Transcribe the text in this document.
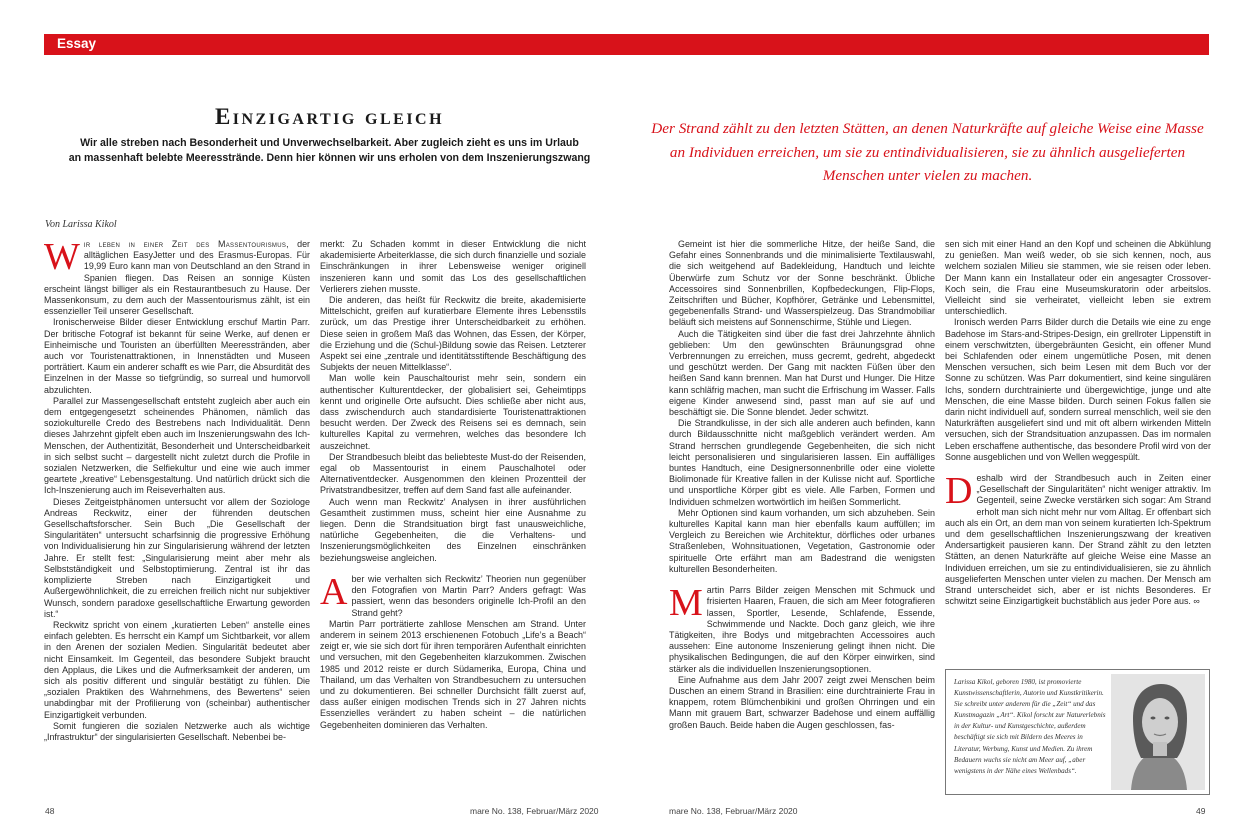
Essay
Einzigartig gleich
Wir alle streben nach Besonderheit und Unverwechselbarkeit. Aber zugleich zieht es uns im Urlaub
an massenhaft belebte Meeresstrände. Denn hier können wir uns erholen von dem Inszenierungszwang
Der Strand zählt zu den letzten Stätten, an denen Naturkräfte auf gleiche Weise eine Masse an Individuen erreichen, um sie zu entindividualisieren, sie zu ähnlich ausgelieferten Menschen unter vielen zu machen.
Von Larissa Kikol

Wir leben in einer Zeit des Massentourismus, der alltäglichen EasyJetter und des Erasmus-Europas. Für 19,99 Euro kann man von Deutschland an den Strand in Spanien fliegen. Das Reisen an sonnige Küsten erscheint längst billiger als ein Restaurantbesuch zu Hause. Der Massenkonsum, zu dem auch der Massentourismus zählt, ist ein essenzieller Teil unserer Gesellschaft.

Ironischerweise Bilder dieser Entwicklung erschuf Martin Parr. Der britische Fotograf ist bekannt für seine Werke, auf denen er Einheimische und Touristen an überfüllten Meeresstränden, aber auch vor Touristenattraktionen, in Innenstädten und Museen porträtiert. Kaum ein anderer schafft es wie Parr, die Absurdität des Einzelnen in der Masse so tiefgründig, so surreal und humorvoll abzulichten.

Parallel zur Massengesellschaft entsteht zugleich aber auch ein dem entgegengesetzt scheinendes Phänomen, nämlich das soziokulturelle Credo des Bestrebens nach Individualität. Denn dieses Jahrzehnt gipfelt eben auch im Inszenierungswahn des Ich-Menschen, der Authentizität, Besonderheit und Unterscheidbarkeit in sich selbst sucht – dargestellt nicht zuletzt durch die Profile in sozialen Netzwerken, die Selfiekultur und eine wie auch immer geartete „kreative“ Lebensgestaltung. Und natürlich drückt sich die Ich-Inszenierung auch im Reiseverhalten aus.

Dieses Zeitgeistphänomen untersucht vor allem der Soziologe Andreas Reckwitz, einer der führenden deutschen Gesellschaftsforscher. Sein Buch „Die Gesellschaft der Singularitäten“ untersucht scharfsinnig die progressive Erhöhung von Individualisierung hin zur Singularisierung während der letzten Jahre. Er stellt fest: „Singularisierung meint aber mehr als Selbstständigkeit und Selbstoptimierung. Zentral ist ihr das komplizierte Streben nach Einzigartigkeit und Außergewöhnlichkeit, die zu erreichen freilich nicht nur subjektiver Wunsch, sondern paradoxe gesellschaftliche Erwartung geworden ist.“

Reckwitz spricht von einem „kuratierten Leben“ anstelle eines einfach gelebten. Es herrscht ein Kampf um Sichtbarkeit, vor allem in den Arenen der sozialen Medien. Singularität bedeutet aber nicht Einsamkeit. Im Gegenteil, das besondere Subjekt braucht den Applaus, die Likes und die Aufmerksamkeit der anderen, um sich als positiv different und singulär bestätigt zu fühlen. Die „sozialen Praktiken des Wahrnehmens, des Bewertens“ seien unabdingbar mit der Profilierung von (scheinbar) authentischer Einzigartigkeit verbunden.

Somit fungieren die sozialen Netzwerke auch als wichtige „Infrastruktur“ der singularisierten Gesellschaft. Nebenbei be-

merkt: Zu Schaden kommt in dieser Entwicklung die nicht akademisierte Arbeiterklasse, die sich durch finanzielle und soziale Einschränkungen in ihrer Lebensweise weniger originell inszenieren kann und somit das Los des gesellschaftlichen Verlierers ziehen musste.

Die anderen, das heißt für Reckwitz die breite, akademisierte Mittelschicht, greifen auf kuratierbare Elemente ihres Lebensstils zurück, um das Prestige ihrer Unterscheidbarkeit zu erhöhen. Diese seien in großem Maß das Wohnen, das Essen, der Körper, die Erziehung und die (Schul-)Bildung sowie das Reisen. Letzterer Aspekt sei eine „zentrale und identitätsstiftende Beschäftigung des Subjekts der neuen Mittelklasse“.

Man wolle kein Pauschaltourist mehr sein, sondern ein authentischer Kulturentdecker, der globalisiert sei, Geheimtipps kennt und originelle Orte aufsucht. Dies schließe aber nicht aus, dass zwischendurch auch standardisierte Touristenattraktionen besucht werden. Der Zweck des Reisens sei es demnach, sein kulturelles Kapital zu vermehren, welches das besondere Ich auszeichnet.

Der Strandbesuch bleibt das beliebteste Must-do der Reisenden, egal ob Massentourist in einem Pauschalhotel oder Alternativentdecker. Ausgenommen den kleinen Prozentteil der Privatstrandbesitzer, treffen auf dem Sand fast alle aufeinander.

Auch wenn man Reckwitz’ Analysen in ihrer ausführlichen Gesamtheit zustimmen muss, scheint hier eine Ausnahme zu liegen. Denn die Strandsituation birgt fast unausweichliche, natürliche Gegebenheiten, die die Verhaltens- und Inszenierungsmöglichkeiten des Einzelnen einschränken beziehungsweise angleichen.

Aber wie verhalten sich Reckwitz’ Theorien nun gegenüber den Fotografien von Martin Parr? Anders gefragt: Was passiert, wenn das besonders originelle Ich-Profil an den Strand geht?

Martin Parr porträtierte zahllose Menschen am Strand. Unter anderem in seinem 2013 erschienenen Fotobuch „Life’s a Beach“ zeigt er, wie sie sich dort für ihren temporären Aufenthalt einrichten und versuchen, mit den Gegebenheiten klarzukommen. Zwischen 1985 und 2012 reiste er durch Südamerika, Europa, China und Thailand, um das Verhalten von Strandbesuchern zu untersuchen und zu dokumentieren. Bei schneller Durchsicht fällt zuerst auf, dass außer einigen modischen Trends sich in 27 Jahren nichts Essenzielles verändert zu haben scheint – die natürlichen Gegebenheiten dominieren das Verhalten.

Gemeint ist hier die sommerliche Hitze, der heiße Sand, die Gefahr eines Sonnenbrands und die minimalisierte Textilauswahl, die sich weitgehend auf Badekleidung, Handtuch und leichte Überwürfe zum Schutz vor der Sonne beschränkt. Übliche Accessoires sind Sonnenbrillen, Kopfbedeckungen, Flip-Flops, Zeitschriften und Bücher, Kopfhörer, Getränke und Lebensmittel, gegebenenfalls Strand- und Wasserspielzeug. Das Strandmobiliar beläuft sich meistens auf Sonnenschirme, Stühle und Liegen.

Auch die Tätigkeiten sind über die fast drei Jahrzehnte ähnlich geblieben: Um den gewünschten Bräunungsgrad ohne Verbrennungen zu erreichen, muss gecremt, gedreht, abgedeckt und geschützt werden. Der Gang mit nackten Füßen über den heißen Sand kann brennen. Man hat Durst und Hunger. Die Hitze kann schläfrig machen, man sucht die Erfrischung im Wasser. Falls eigene Kinder anwesend sind, passt man auf sie auf und beschäftigt sie. Die Sonne blendet. Jeder schwitzt.

Die Strandkulisse, in der sich alle anderen auch befinden, kann durch Bildausschnitte nicht maßgeblich verändert werden. Am Strand herrschen grundlegende Gegebenheiten, die sich nicht leicht personalisieren und singularisieren lassen. Ein auffälliges buntes Handtuch, eine Designersonnenbrille oder eine violette Biolimonade für Kreative fallen in der Kulisse nicht auf. Sportliche und unsportliche Körper gibt es viele. Alle Farben, Formen und Individuen schmelzen wortwörtlich im heißen Sommerlicht.

Mehr Optionen sind kaum vorhanden, um sich abzuheben. Sein kulturelles Kapital kann man hier ebenfalls kaum auffüllen; im Vergleich zu Bereichen wie Architektur, dörfliches oder urbanes Straßenleben, Wohnsituationen, Vegetation, Gastronomie oder spirituelle Orte erfährt man am Badestrand die wenigsten kulturellen Besonderheiten.

Martin Parrs Bilder zeigen Menschen mit Schmuck und frisierten Haaren, Frauen, die sich am Meer fotografieren lassen, Sportler, Lesende, Schlafende, Essende, Schwimmende und Nackte. Doch ganz gleich, wie ihre Tätigkeiten, ihre Bodys und mitgebrachten Accessoires auch aussehen: Eine autonome Inszenierung gelingt ihnen nicht. Die physikalischen Bedingungen, die auf den Körper einwirken, sind stärker als die individuellen Inszenierungsoptionen.

Eine Aufnahme aus dem Jahr 2007 zeigt zwei Menschen beim Duschen an einem Strand in Brasilien: eine durchtrainierte Frau in knappem, rotem Blümchenbikini und großen Ohrringen und ein Mann mit grauem Bart, schwarzer Badehose und einem auffällig großen Bauch. Beide haben die Augen geschlossen, fas-

sen sich mit einer Hand an den Kopf und scheinen die Abkühlung zu genießen. Man weiß weder, ob sie sich kennen, noch, aus welchem sozialen Milieu sie stammen, wie sie reisen oder leben. Der Mann kann ein Installateur oder ein angesagter Crossover-Koch sein, die Frau eine Museumskuratorin oder arbeitslos. Vielleicht sind sie verheiratet, vielleicht leben sie extrem unterschiedlich.

Ironisch werden Parrs Bilder durch die Details wie eine zu enge Badehose im Stars-and-Stripes-Design, ein grellroter Lippenstift in einem verschwitzten, übergebräunten Gesicht, ein offener Mund bei Schlafenden oder einem ungemütliche Posen, mit denen Menschen versuchen, sich beim Lesen mit dem Buch vor der Sonne zu schützen. Was Parr dokumentiert, sind keine singulären Ichs, sondern durchtrainierte und übergewichtige, junge und alte Menschen, die eine Masse bilden. Durch seinen Fokus fallen sie darin nicht individuell auf, sondern surreal menschlich, weil sie den Naturkräften ausgeliefert sind und mit oft albern wirkenden Mitteln versuchen, sich der Strandsituation anzupassen. Das im normalen Leben erschaffene authentische, das besondere Profil wird von der Sonne ausgeblichen und von Wellen weggespült.

Deshalb wird der Strandbesuch auch in Zeiten einer „Gesellschaft der Singularitäten“ nicht weniger attraktiv. Im Gegenteil, seine Zwecke verstärken sich sogar: Am Strand erholt man sich nicht mehr nur vom Alltag. Er offenbart sich auch als ein Ort, an dem man von seinem kuratierten Ich-Spektrum und dem gesellschaftlichen Inszenierungszwang der kreativen Andersartigkeit pausieren kann. Der Strand zählt zu den letzten Stätten, an denen Naturkräfte auf gleiche Weise eine Masse an Individuen erreichen, um sie zu entindividualisieren, sie zu ähnlich ausgelieferten Menschen unter vielen zu machen. Der Mensch am Strand unterscheidet sich, aber er ist nichts Besonderes. Er schwitzt seine Einzigartigkeit buchstäblich aus jeder Pore aus. ∞

Larissa Kikol, geboren 1980, ist promovierte Kunstwissenschaftlerin, Autorin und Kunstkritikerin. Sie schreibt unter anderem für die „Zeit“ und das Kunstmagazin „Art“. Kikol forscht zur Naturerlebnis in der Kultur- und Kunstgeschichte, außerdem beschäftigt sie sich mit Bildern des Meeres in Literatur, Werbung, Kunst und Medien. Zu ihrem Bedauern wuchs sie nicht am Meer auf, „aber wenigstens in der Nähe eines Wellenbads“.
48	mare No. 138, Februar/März 2020	mare No. 138, Februar/März 2020	49
